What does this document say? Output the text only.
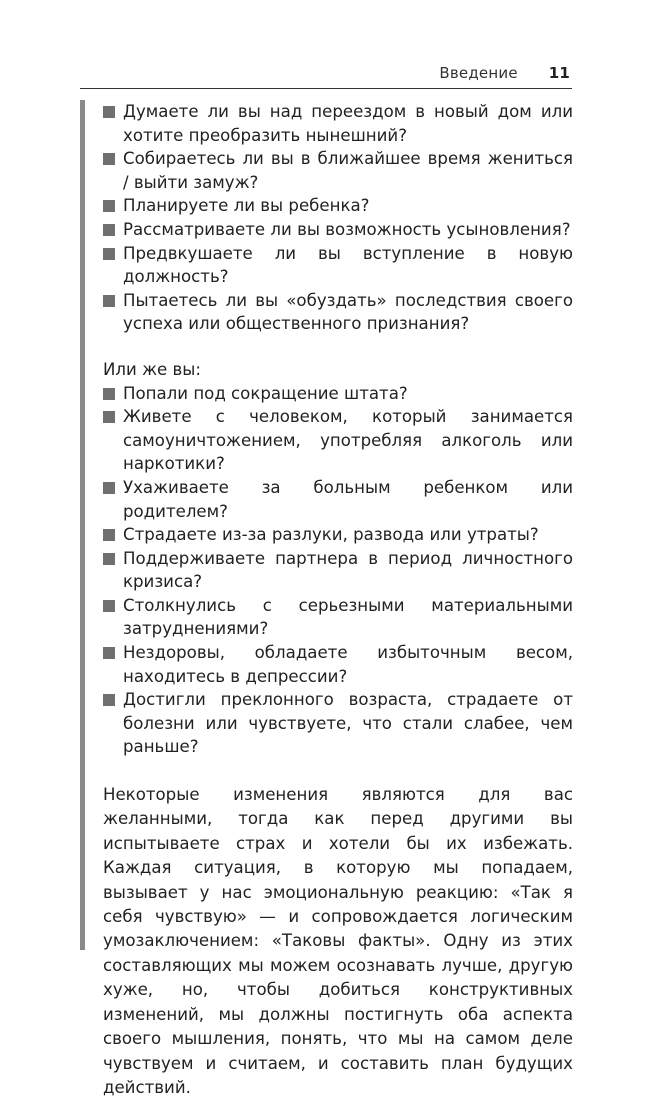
Введение 11
Думаете ли вы над переездом в новый дом или хотите преобразить нынешний?
Собираетесь ли вы в ближайшее время жениться / выйти замуж?
Планируете ли вы ребенка?
Рассматриваете ли вы возможность усыновления?
Предвкушаете ли вы вступление в новую должность?
Пытаетесь ли вы «обуздать» последствия своего успеха или общественного признания?
Или же вы:
Попали под сокращение штата?
Живете с человеком, который занимается самоуничтожением, употребляя алкоголь или наркотики?
Ухаживаете за больным ребенком или родителем?
Страдаете из-за разлуки, развода или утраты?
Поддерживаете партнера в период личностного кризиса?
Столкнулись с серьезными материальными затруднениями?
Нездоровы, обладаете избыточным весом, находитесь в депрессии?
Достигли преклонного возраста, страдаете от болезни или чувствуете, что стали слабее, чем раньше?

Некоторые изменения являются для вас желанными, тогда как перед другими вы испытываете страх и хотели бы их избежать. Каждая ситуация, в которую мы попадаем, вызывает у нас эмоциональную реакцию: «Так я себя чувствую» — и сопровождается логическим умозаключением: «Таковы факты». Одну из этих составляющих мы можем осознавать лучше, другую хуже, но, чтобы добиться конструктивных изменений, мы должны постигнуть оба аспекта своего мышления, понять, что мы на самом деле чувствуем и считаем, и составить план будущих действий.
